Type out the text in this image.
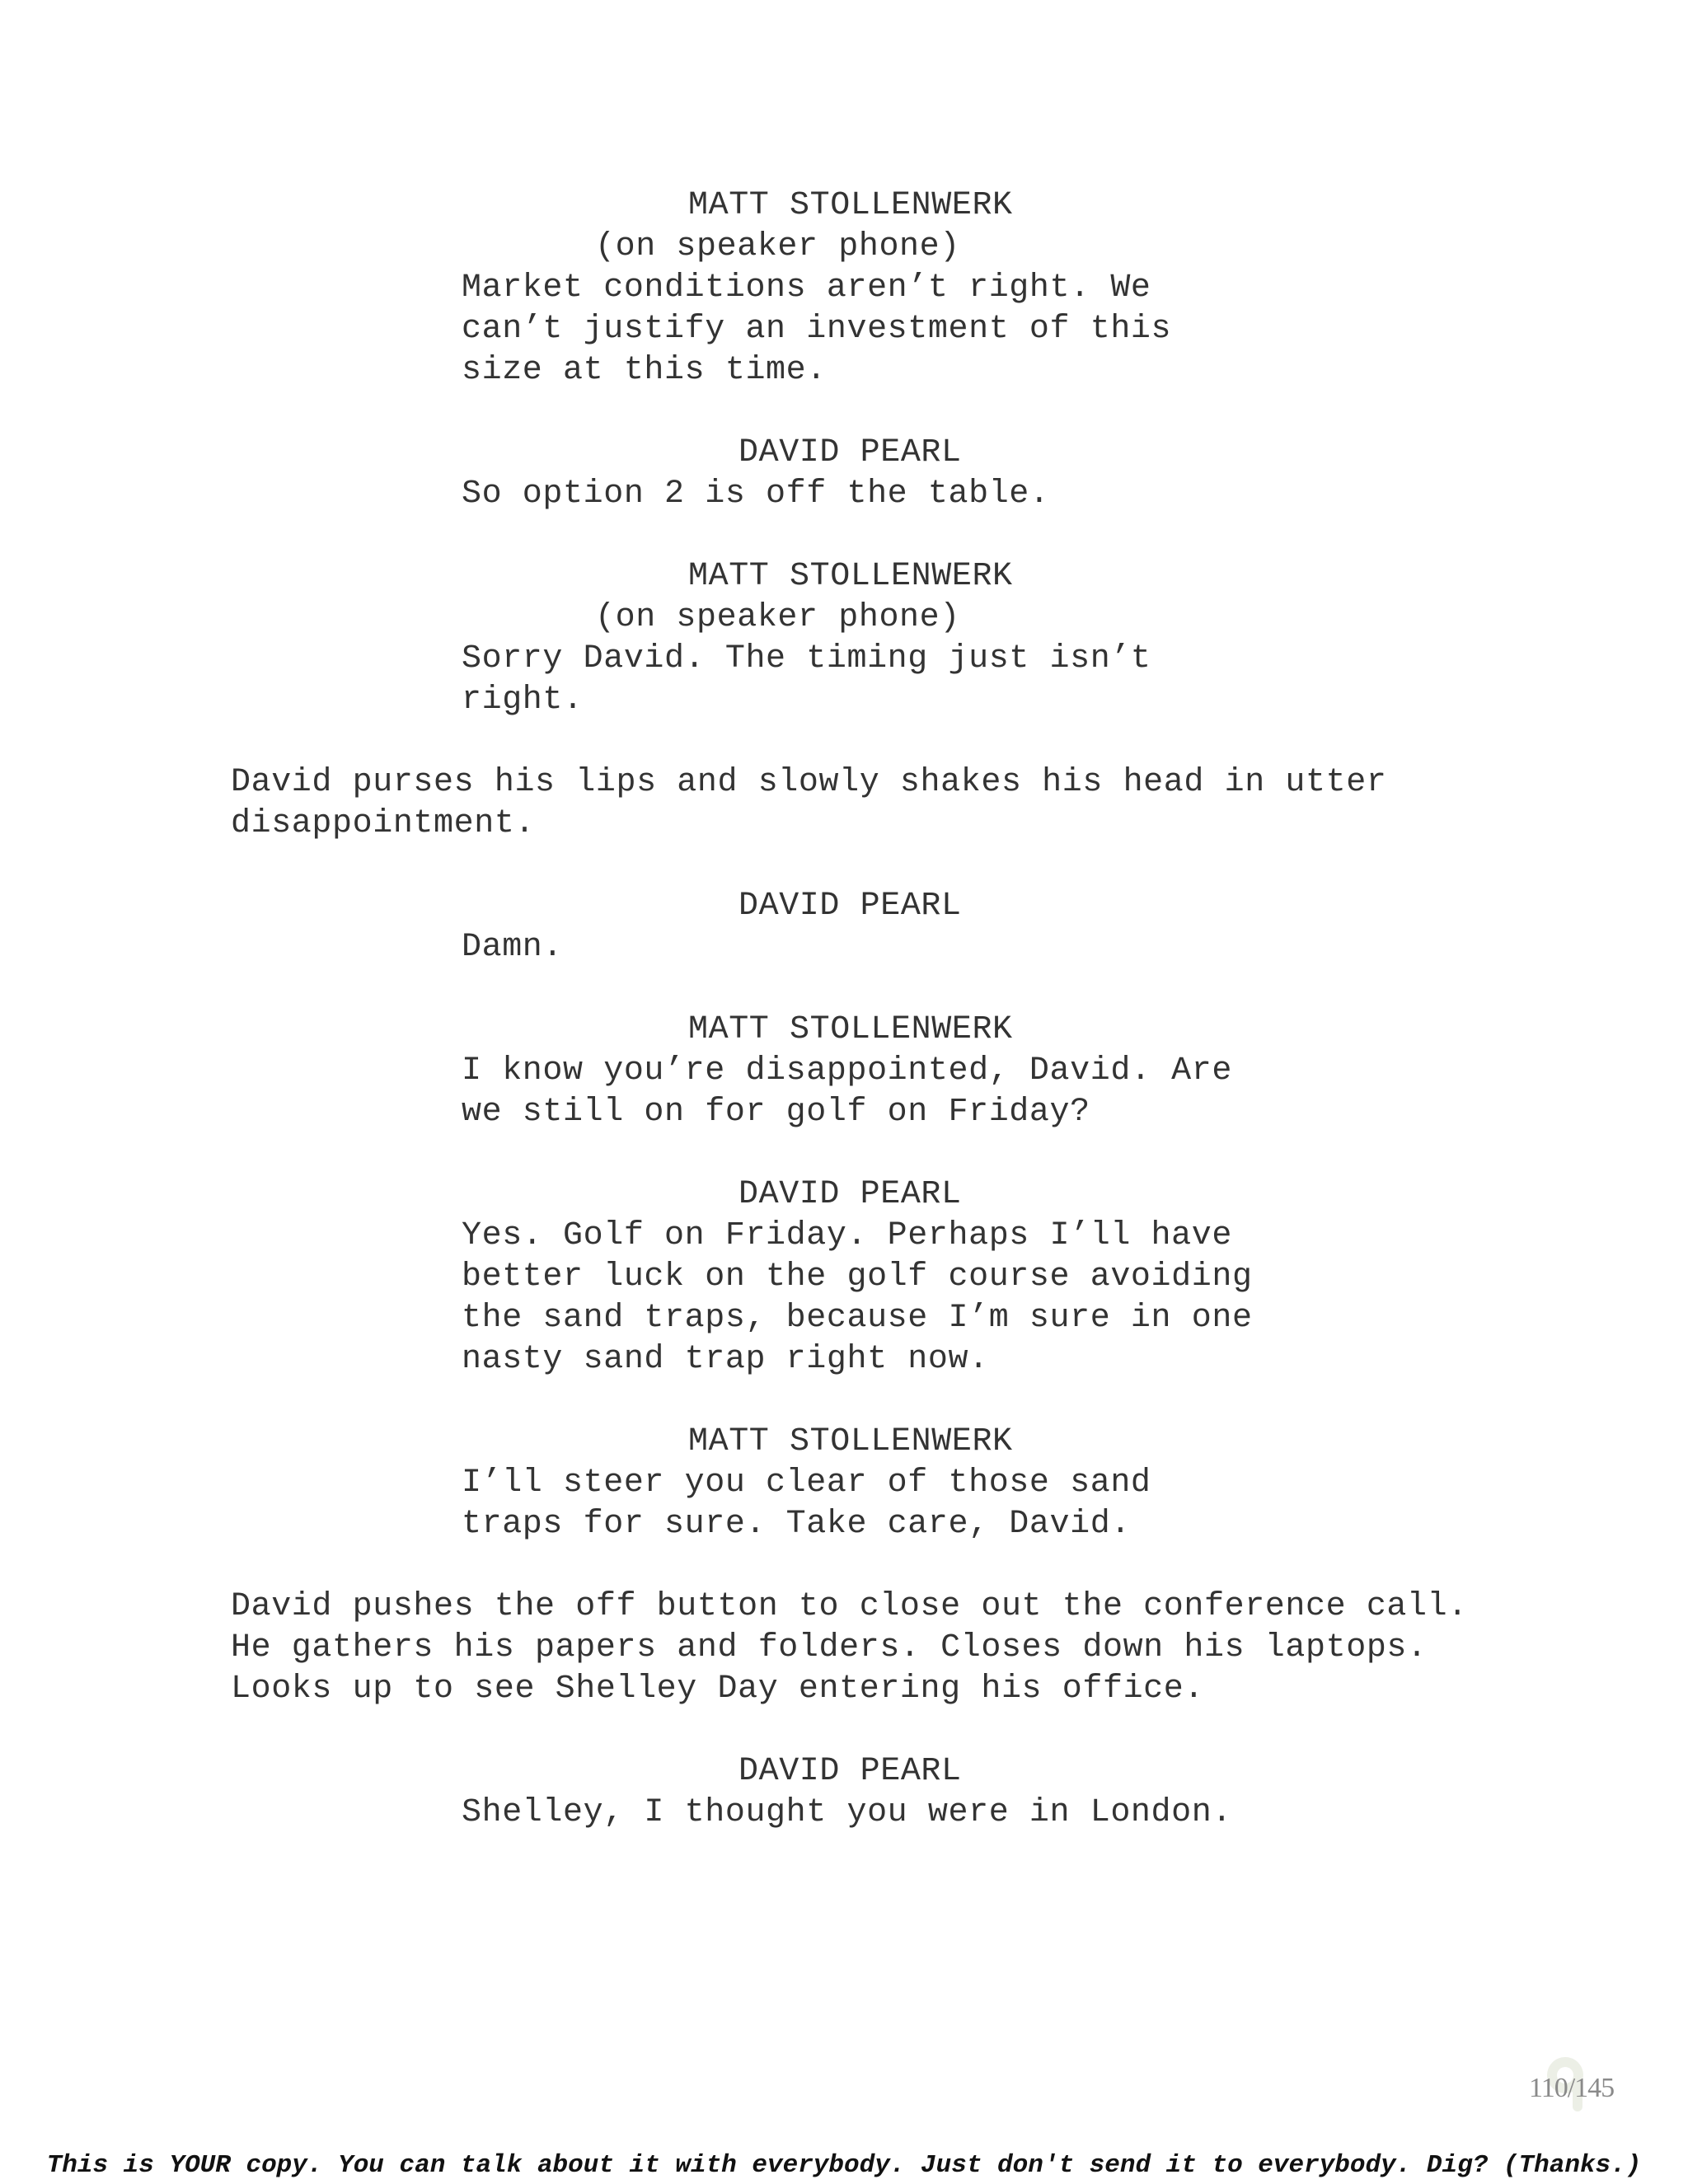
MATT STOLLENWERK
(on speaker phone)
Market conditions aren’t right. We
can’t justify an investment of this
size at this time.
DAVID PEARL
So option 2 is off the table.
MATT STOLLENWERK
(on speaker phone)
Sorry David. The timing just isn’t
right.
David purses his lips and slowly shakes his head in utter
disappointment.
DAVID PEARL
Damn.
MATT STOLLENWERK
I know you’re disappointed, David. Are
we still on for golf on Friday?
DAVID PEARL
Yes. Golf on Friday. Perhaps I’ll have
better luck on the golf course avoiding
the sand traps, because I’m sure in one
nasty sand trap right now.
MATT STOLLENWERK
I’ll steer you clear of those sand
traps for sure. Take care, David.
David pushes the off button to close out the conference call.
He gathers his papers and folders. Closes down his laptops.
Looks up to see Shelley Day entering his office.
DAVID PEARL
Shelley, I thought you were in London.
110/145
This is YOUR copy. You can talk about it with everybody. Just don't send it to everybody. Dig? (Thanks.)
